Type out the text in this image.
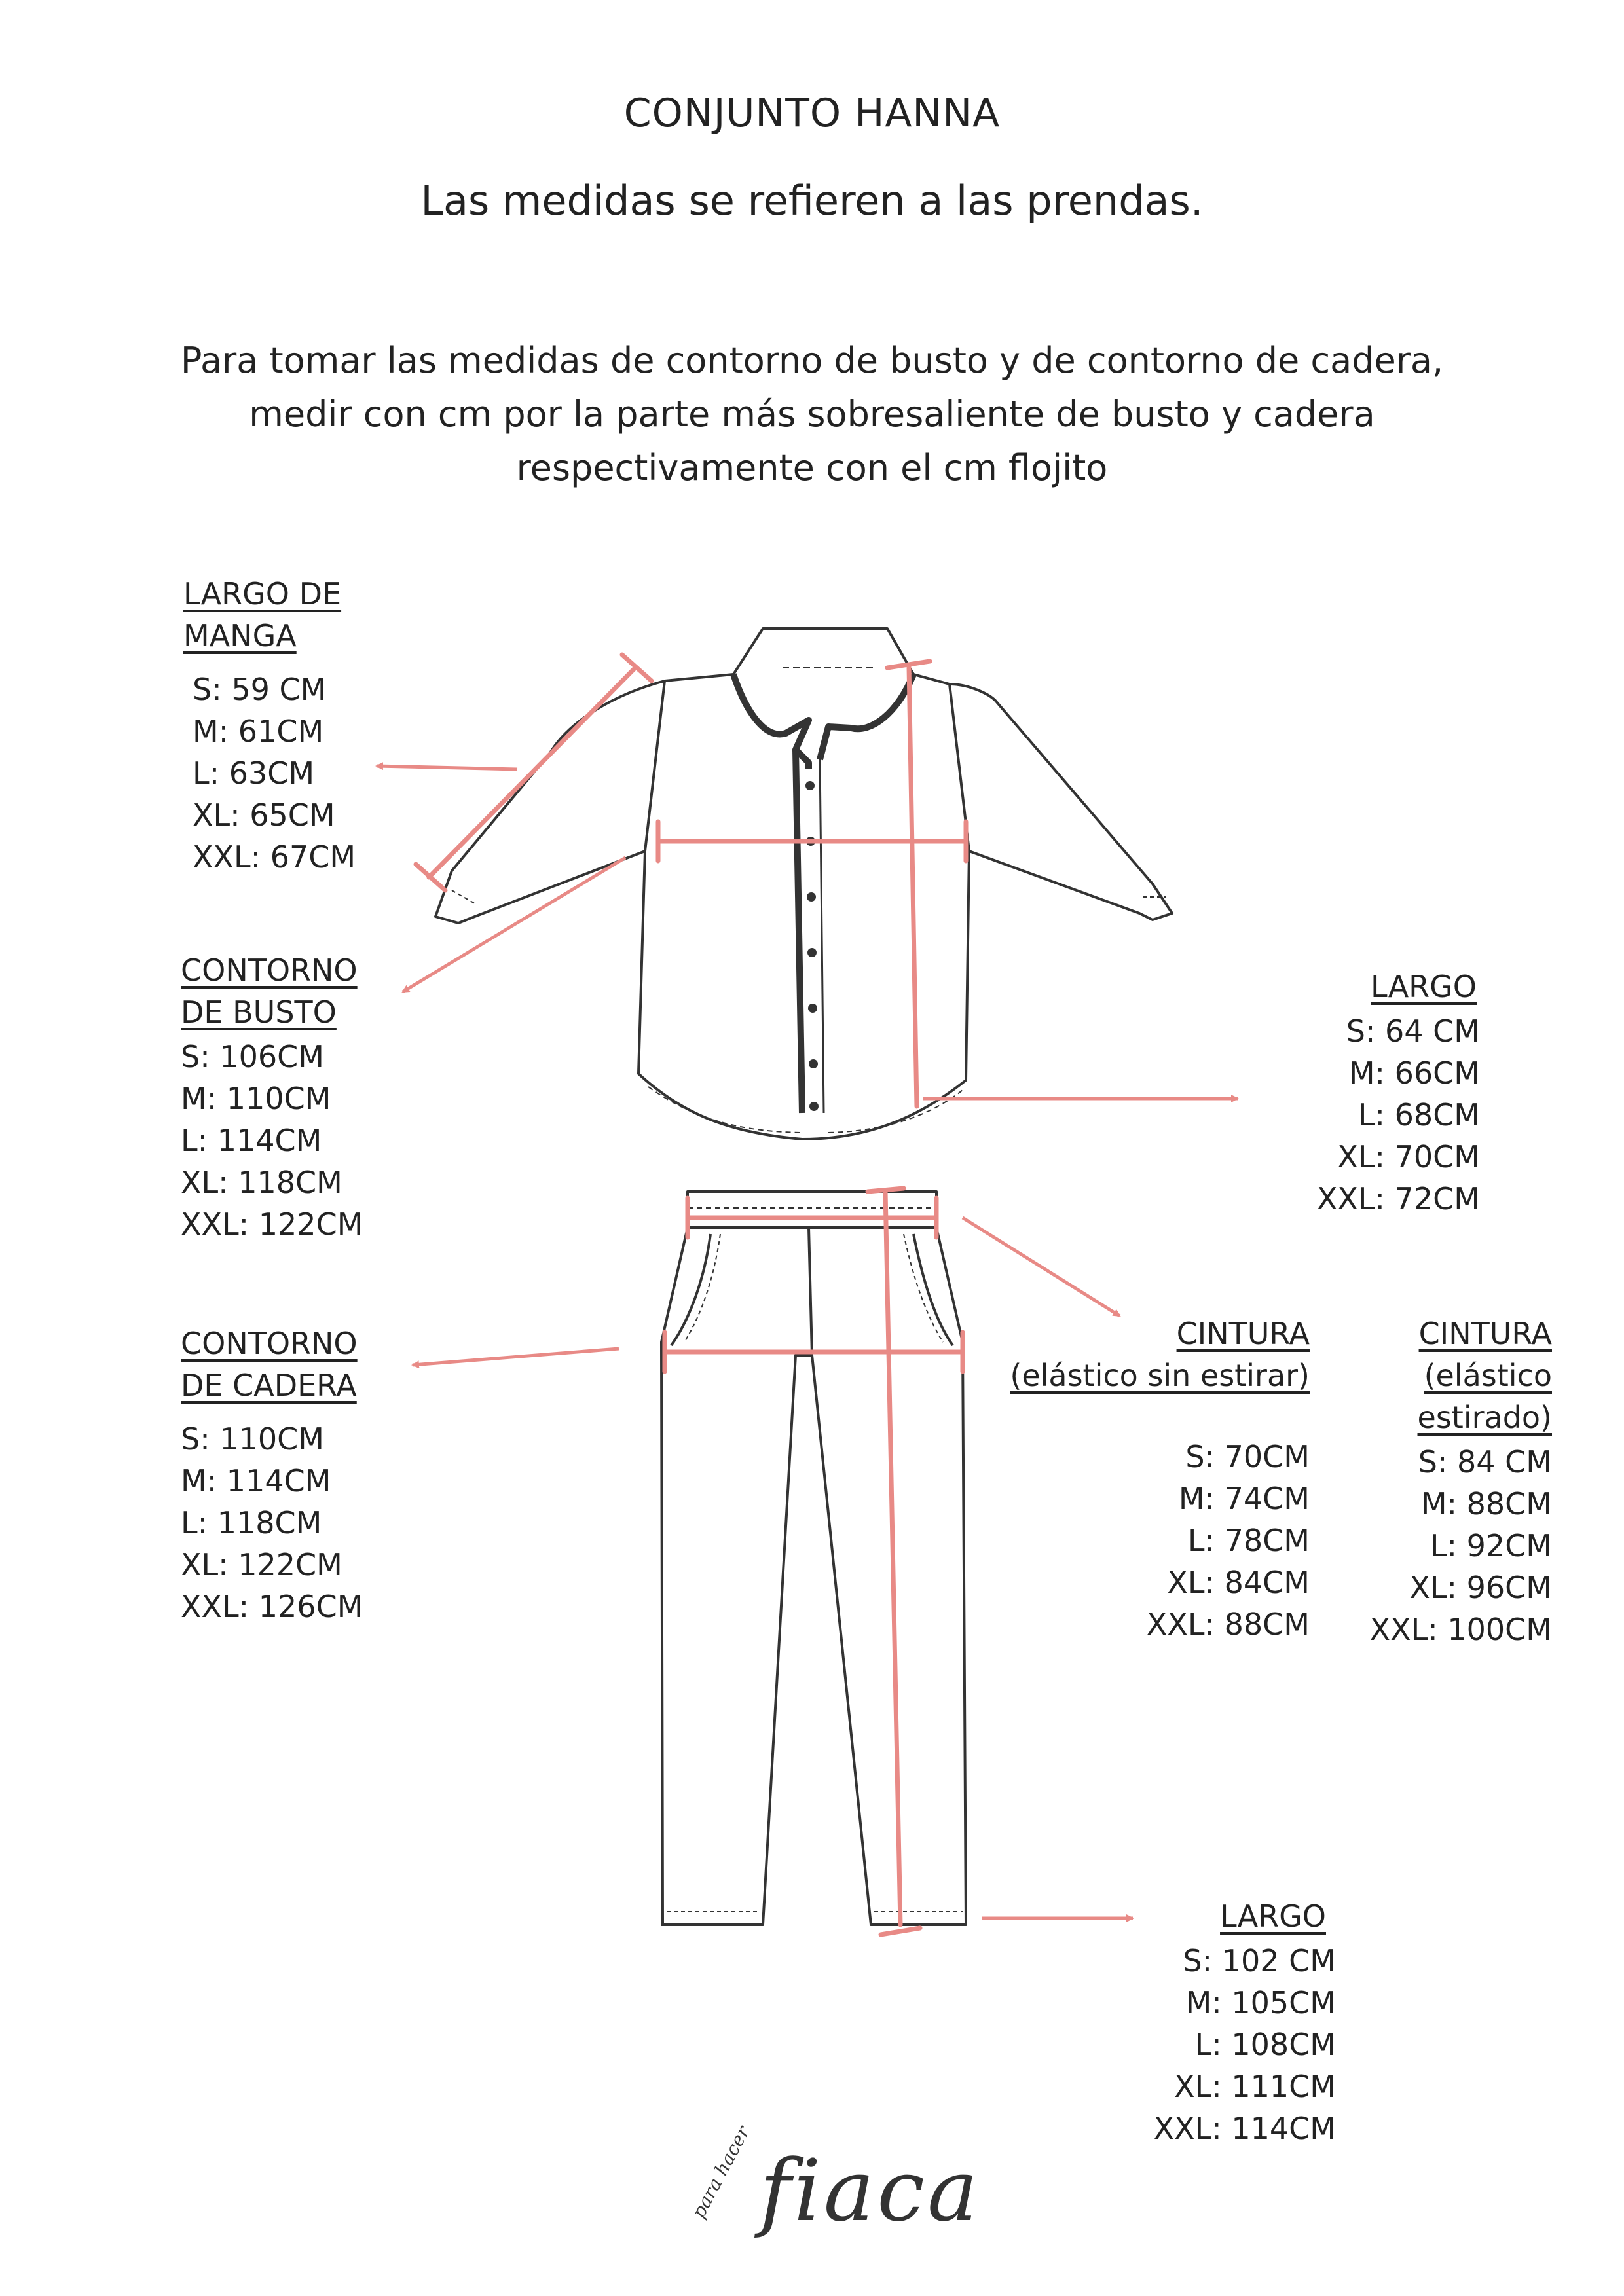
CONJUNTO HANNA
Las medidas se refieren a las prendas.
Para tomar las medidas de contorno de busto y de contorno de cadera, medir con cm por la parte más sobresaliente de busto y cadera respectivamente con el cm flojito
LARGO DE
MANGA
S: 59 CM
M: 61CM
L: 63CM
XL: 65CM
XXL: 67CM
CONTORNO
DE BUSTO
S: 106CM
M: 110CM
L: 114CM
XL: 118CM
XXL: 122CM
LARGO
S: 64 CM
M: 66CM
L: 68CM
XL: 70CM
XXL: 72CM
CONTORNO
DE CADERA
S: 110CM
M: 114CM
L: 118CM
XL: 122CM
XXL: 126CM
CINTURA
(elástico sin estirar)
S: 70CM
M: 74CM
L: 78CM
XL: 84CM
XXL: 88CM
CINTURA
(elástico
estirado)
S: 84 CM
M: 88CM
L: 92CM
XL: 96CM
XXL: 100CM
LARGO
S: 102 CM
M: 105CM
L: 108CM
XL: 111CM
XXL: 114CM
para hacer fiaca
